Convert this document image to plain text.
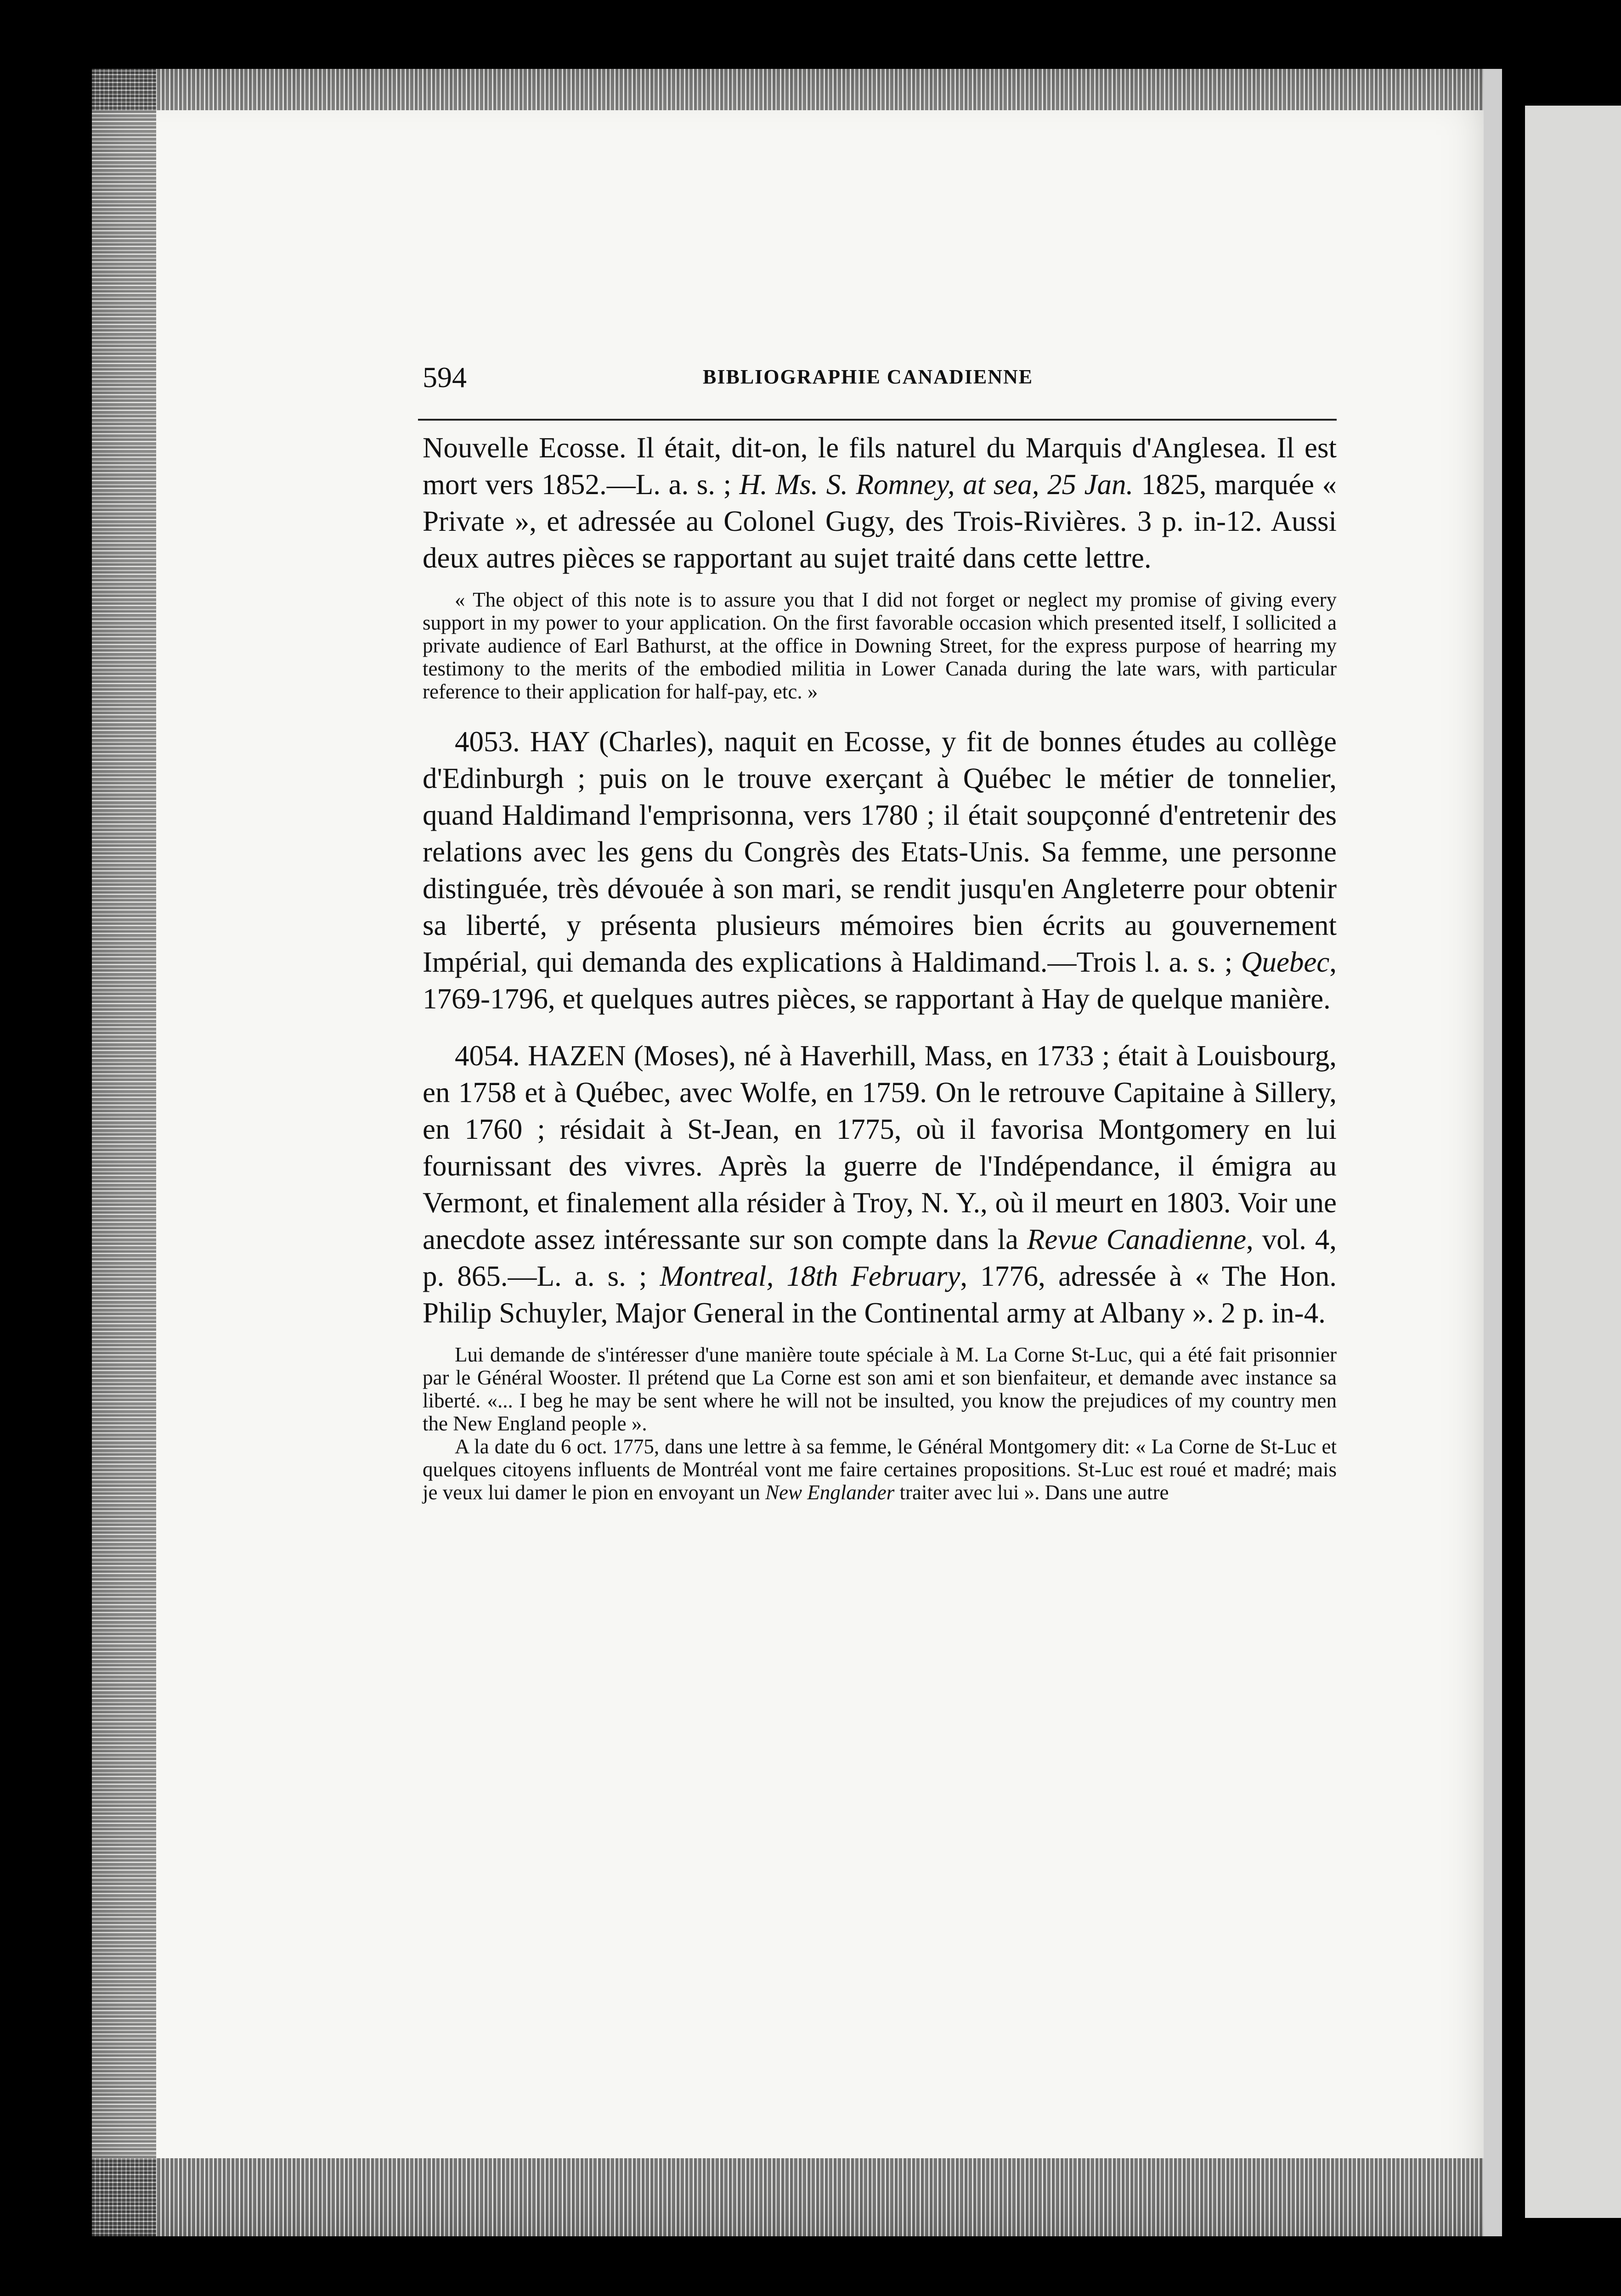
594	BIBLIOGRAPHIE CANADIENNE

Nouvelle Ecosse. Il était, dit-on, le fils naturel du Marquis d'Anglesea. Il est mort vers 1852.—L. a. s. ; H. Ms. S. Romney, at sea, 25 Jan. 1825, marquée « Private », et adressée au Colonel Gugy, des Trois-Rivières. 3 p. in-12. Aussi deux autres pièces se rapportant au sujet traité dans cette lettre.

« The object of this note is to assure you that I did not forget or neglect my promise of giving every support in my power to your application. On the first favorable occasion which presented itself, I sollicited a private audience of Earl Bathurst, at the office in Downing Street, for the express purpose of hearring my testimony to the merits of the embodied militia in Lower Canada during the late wars, with particular reference to their application for half-pay, etc. »

4053. HAY (Charles), naquit en Ecosse, y fit de bonnes études au collège d'Edinburgh ; puis on le trouve exerçant à Québec le métier de tonnelier, quand Haldimand l'emprisonna, vers 1780 ; il était soupçonné d'entretenir des relations avec les gens du Congrès des Etats-Unis. Sa femme, une personne distinguée, très dévouée à son mari, se rendit jusqu'en Angleterre pour obtenir sa liberté, y présenta plusieurs mémoires bien écrits au gouvernement Impérial, qui demanda des explications à Haldimand.—Trois l. a. s. ; Quebec, 1769-1796, et quelques autres pièces, se rapportant à Hay de quelque manière.

4054. HAZEN (Moses), né à Haverhill, Mass, en 1733 ; était à Louisbourg, en 1758 et à Québec, avec Wolfe, en 1759. On le retrouve Capitaine à Sillery, en 1760 ; résidait à St-Jean, en 1775, où il favorisa Montgomery en lui fournissant des vivres. Après la guerre de l'Indépendance, il émigra au Vermont, et finalement alla résider à Troy, N. Y., où il meurt en 1803. Voir une anecdote assez intéressante sur son compte dans la Revue Canadienne, vol. 4, p. 865.—L. a. s. ; Montreal, 18th February, 1776, adressée à « The Hon. Philip Schuyler, Major General in the Continental army at Albany ». 2 p. in-4.

Lui demande de s'intéresser d'une manière toute spéciale à M. La Corne St-Luc, qui a été fait prisonnier par le Général Wooster. Il prétend que La Corne est son ami et son bienfaiteur, et demande avec instance sa liberté. «... I beg he may be sent where he will not be insulted, you know the prejudices of my country men the New England people ».

A la date du 6 oct. 1775, dans une lettre à sa femme, le Général Montgomery dit: « La Corne de St-Luc et quelques citoyens influents de Montréal vont me faire certaines propositions. St-Luc est roué et madré; mais je veux lui damer le pion en envoyant un New Englander traiter avec lui ». Dans une autre
